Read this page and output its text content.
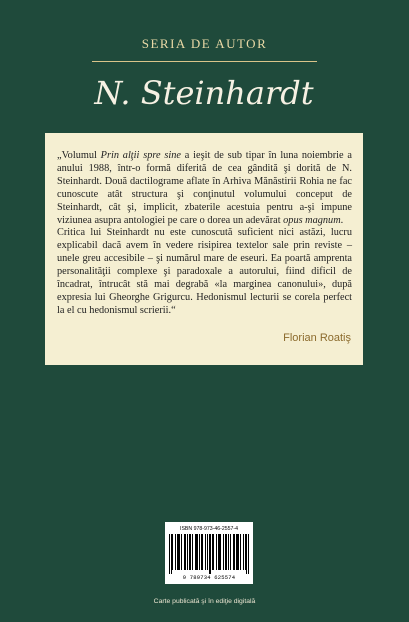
SERIA DE AUTOR
N. Steinhardt

„Volumul Prin alţii spre sine a ieşit de sub tipar în luna noiembrie a anului 1988, într-o formă diferită de cea gândită şi dorită de N. Steinhardt. Două dactilograme aflate în Arhiva Mănăstirii Rohia ne fac cunoscute atât structura şi conţinutul volumului conceput de Steinhardt, cât şi, implicit, zbaterile acestuia pentru a-şi impune viziunea asupra antologiei pe care o dorea un adevărat opus magnum.

Critica lui Steinhardt nu este cunoscută suficient nici astăzi, lucru explicabil dacă avem în vedere risipirea textelor sale prin reviste – unele greu accesibile – şi numărul mare de eseuri. Ea poartă amprenta personalităţii complexe şi paradoxale a autorului, fiind dificil de încadrat, întrucât stă mai degrabă «la marginea canonului», după expresia lui Gheorghe Grigurcu. Hedonismul lecturii se corela perfect la el cu hedonismul scrierii.“

Florian Roatiş
ISBN 978-973-46-2557-4
9 789734 625574
Carte publicată şi în ediţie digitală
